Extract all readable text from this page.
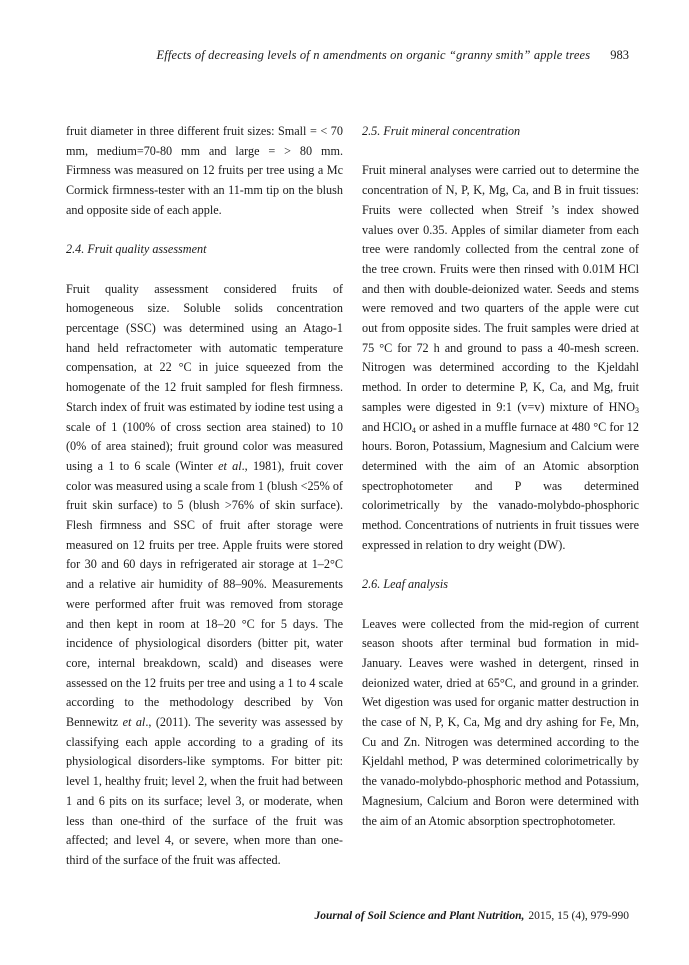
Effects of decreasing levels of n amendments on organic “granny smith” apple trees 983

fruit diameter in three different fruit sizes: Small = < 70 mm, medium=70-80 mm and large = > 80 mm. Firmness was measured on 12 fruits per tree using a Mc Cormick firmness-tester with an 11-mm tip on the blush and opposite side of each apple.

2.4. Fruit quality assessment

Fruit quality assessment considered fruits of homogeneous size. Soluble solids concentration percentage (SSC) was determined using an Atago-1 hand held refractometer with automatic temperature compensation, at 22 °C in juice squeezed from the homogenate of the 12 fruit sampled for flesh firmness. Starch index of fruit was estimated by iodine test using a scale of 1 (100% of cross section area stained) to 10 (0% of area stained); fruit ground color was measured using a 1 to 6 scale (Winter et al., 1981), fruit cover color was measured using a scale from 1 (blush <25% of fruit skin surface) to 5 (blush >76% of skin surface). Flesh firmness and SSC of fruit after storage were measured on 12 fruits per tree. Apple fruits were stored for 30 and 60 days in refrigerated air storage at 1–2°C and a relative air humidity of 88–90%. Measurements were performed after fruit was removed from storage and then kept in room at 18–20 °C for 5 days. The incidence of physiological disorders (bitter pit, water core, internal breakdown, scald) and diseases were assessed on the 12 fruits per tree and using a 1 to 4 scale according to the methodology described by Von Bennewitz et al., (2011). The severity was assessed by classifying each apple according to a grading of its physiological disorders-like symptoms. For bitter pit: level 1, healthy fruit; level 2, when the fruit had between 1 and 6 pits on its surface; level 3, or moderate, when less than one-third of the surface of the fruit was affected; and level 4, or severe, when more than one-third of the surface of the fruit was affected.

2.5. Fruit mineral concentration

Fruit mineral analyses were carried out to determine the concentration of N, P, K, Mg, Ca, and B in fruit tissues: Fruits were collected when Streif ’s index showed values over 0.35. Apples of similar diameter from each tree were randomly collected from the central zone of the tree crown. Fruits were then rinsed with 0.01M HCl and then with double-deionized water. Seeds and stems were removed and two quarters of the apple were cut out from opposite sides. The fruit samples were dried at 75 °C for 72 h and ground to pass a 40-mesh screen. Nitrogen was determined according to the Kjeldahl method. In order to determine P, K, Ca, and Mg, fruit samples were digested in 9:1 (v=v) mixture of $HNO_3$ and HClO$_4$ or ashed in a muffle furnace at 480 °C for 12 hours. Boron, Potassium, Magnesium and Calcium were determined with the aim of an Atomic absorption spectrophotometer and P was determined colorimetrically by the vanado-molybdo-phosphoric method. Concentrations of nutrients in fruit tissues were expressed in relation to dry weight (DW).

2.6. Leaf analysis

Leaves were collected from the mid-region of current season shoots after terminal bud formation in mid-January. Leaves were washed in detergent, rinsed in deionized water, dried at 65°C, and ground in a grinder. Wet digestion was used for organic matter destruction in the case of N, P, K, Ca, Mg and dry ashing for Fe, Mn, Cu and Zn. Nitrogen was determined according to the Kjeldahl method, P was determined colorimetrically by the vanado-molybdo-phosphoric method and Potassium, Magnesium, Calcium and Boron were determined with the aim of an Atomic absorption spectrophotometer.

Journal of Soil Science and Plant Nutrition, 2015, 15 (4), 979-990
